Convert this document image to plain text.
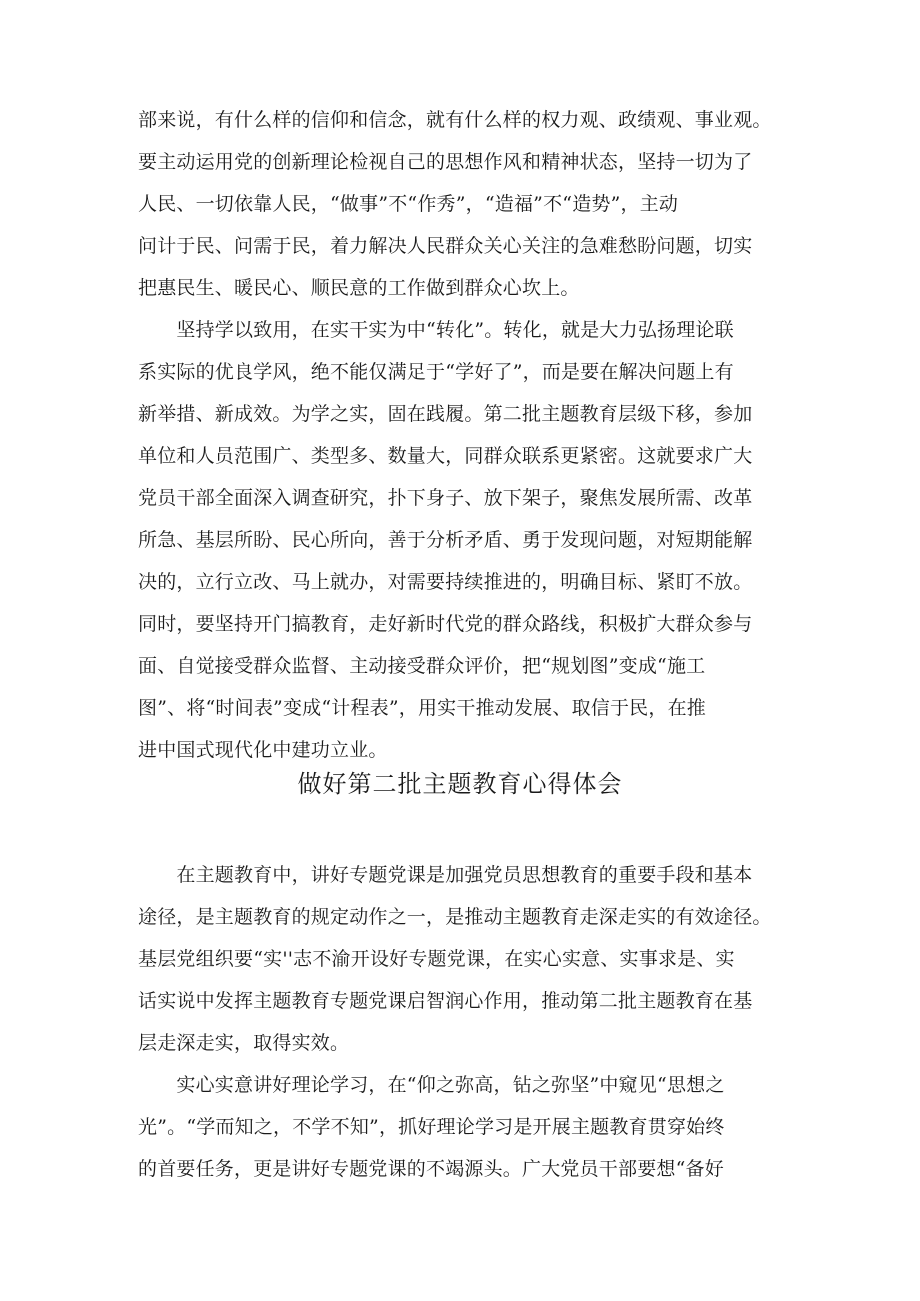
部来说，有什么样的信仰和信念，就有什么样的权力观、政绩观、事业观。
要主动运用党的创新理论检视自己的思想作风和精神状态，坚持一切为了
人民、一切依靠人民，“做事”不“作秀”，“造福”不“造势”，主动
问计于民、问需于民，着力解决人民群众关心关注的急难愁盼问题，切实
把惠民生、暖民心、顺民意的工作做到群众心坎上。
　　坚持学以致用，在实干实为中“转化”。转化，就是大力弘扬理论联
系实际的优良学风，绝不能仅满足于“学好了”，而是要在解决问题上有
新举措、新成效。为学之实，固在践履。第二批主题教育层级下移，参加
单位和人员范围广、类型多、数量大，同群众联系更紧密。这就要求广大
党员干部全面深入调查研究，扑下身子、放下架子，聚焦发展所需、改革
所急、基层所盼、民心所向，善于分析矛盾、勇于发现问题，对短期能解
决的，立行立改、马上就办，对需要持续推进的，明确目标、紧盯不放。
同时，要坚持开门搞教育，走好新时代党的群众路线，积极扩大群众参与
面、自觉接受群众监督、主动接受群众评价，把“规划图”变成“施工
图”、将“时间表”变成“计程表”，用实干推动发展、取信于民，在推
进中国式现代化中建功立业。
做好第二批主题教育心得体会
　　在主题教育中，讲好专题党课是加强党员思想教育的重要手段和基本
途径，是主题教育的规定动作之一，是推动主题教育走深走实的有效途径。
基层党组织要“实''志不渝开设好专题党课，在实心实意、实事求是、实
话实说中发挥主题教育专题党课启智润心作用，推动第二批主题教育在基
层走深走实，取得实效。
　　实心实意讲好理论学习，在“仰之弥高，钻之弥坚”中窥见“思想之
光”。“学而知之，不学不知”，抓好理论学习是开展主题教育贯穿始终
的首要任务，更是讲好专题党课的不竭源头。广大党员干部要想“备好
